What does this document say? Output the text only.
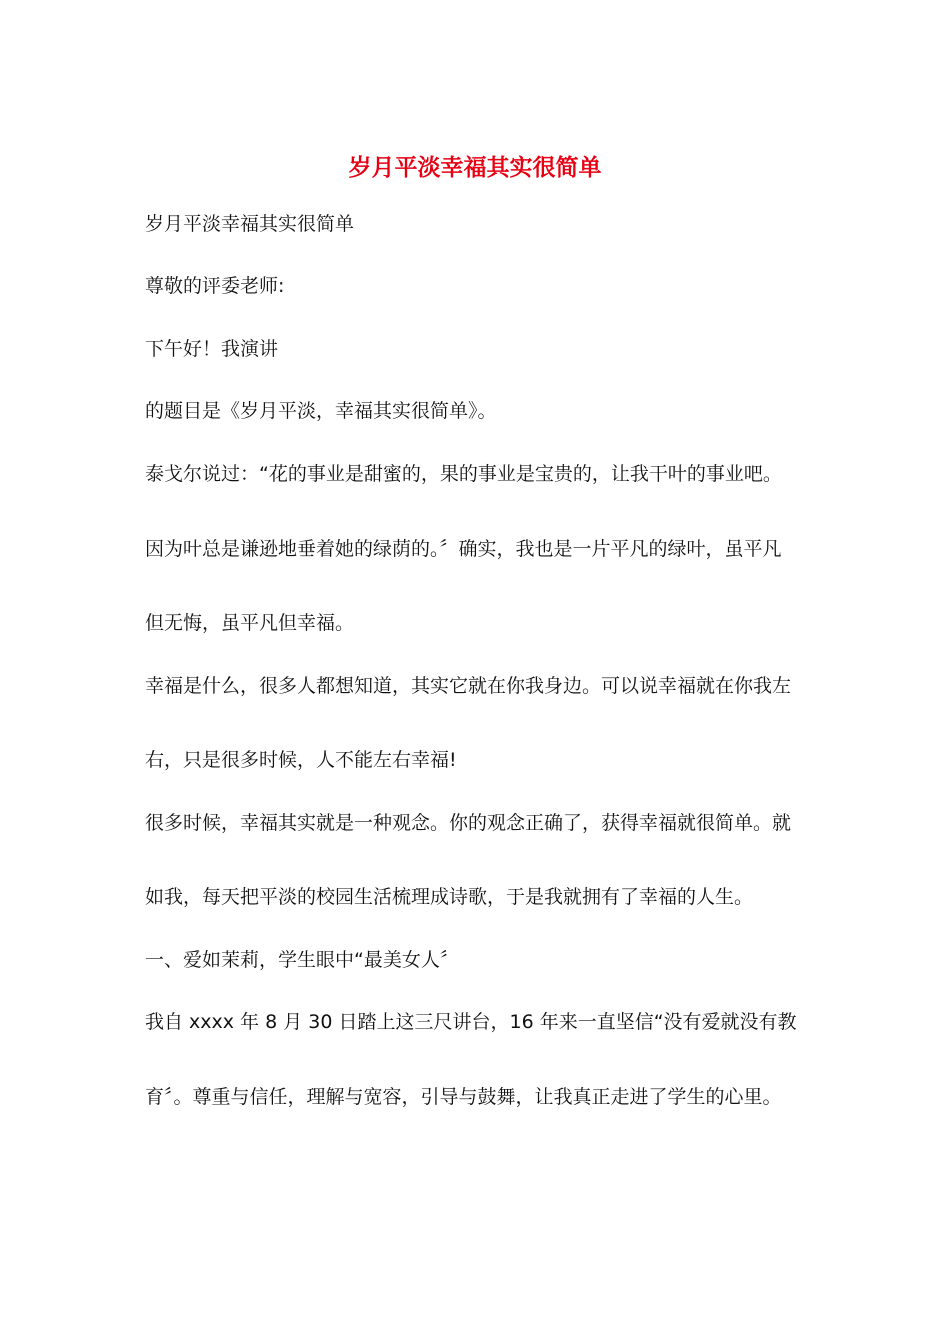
岁月平淡幸福其实很简单
岁月平淡幸福其实很简单
尊敬的评委老师:
下午好！我演讲
的题目是《岁月平淡，幸福其实很简单》。
泰戈尔说过：“花的事业是甜蜜的，果的事业是宝贵的，让我干叶的事业吧。
因为叶总是谦逊地垂着她的绿荫的。〞确实，我也是一片平凡的绿叶，虽平凡
但无悔，虽平凡但幸福。
幸福是什么，很多人都想知道，其实它就在你我身边。可以说幸福就在你我左
右，只是很多时候，人不能左右幸福!
很多时候，幸福其实就是一种观念。你的观念正确了，获得幸福就很简单。就
如我，每天把平淡的校园生活梳理成诗歌，于是我就拥有了幸福的人生。
一、爱如茉莉，学生眼中“最美女人〞
我自 xxxx 年 8 月 30 日踏上这三尺讲台，16 年来一直坚信“没有爱就没有教
育〞。尊重与信任，理解与宽容，引导与鼓舞，让我真正走进了学生的心里。
